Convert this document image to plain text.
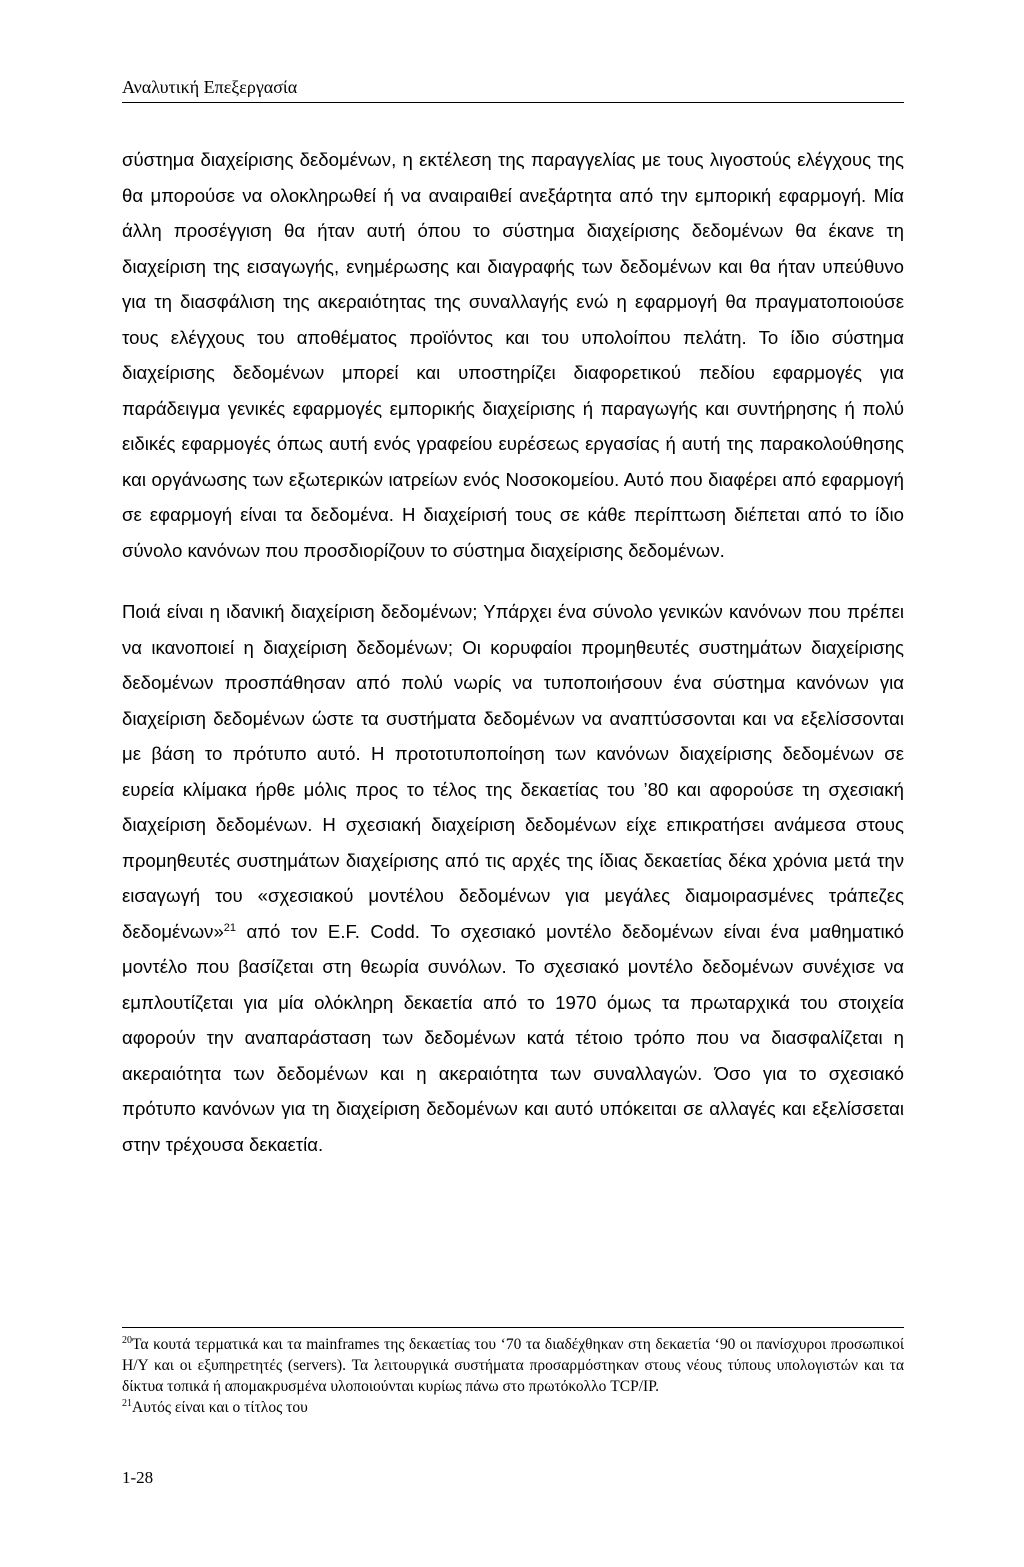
Αναλυτική Επεξεργασία

σύστημα διαχείρισης δεδομένων, η εκτέλεση της παραγγελίας με τους λιγοστούς ελέγχους της θα μπορούσε να ολοκληρωθεί ή να αναιραιθεί ανεξάρτητα από την εμπορική εφαρμογή. Μία άλλη προσέγγιση θα ήταν αυτή όπου το σύστημα διαχείρισης δεδομένων θα έκανε τη διαχείριση της εισαγωγής, ενημέρωσης και διαγραφής των δεδομένων και θα ήταν υπεύθυνο για τη διασφάλιση της ακεραιότητας της συναλλαγής ενώ η εφαρμογή θα πραγματοποιούσε τους ελέγχους του αποθέματος προϊόντος και του υπολοίπου πελάτη. Το ίδιο σύστημα διαχείρισης δεδομένων μπορεί και υποστηρίζει διαφορετικού πεδίου εφαρμογές για παράδειγμα γενικές εφαρμογές εμπορικής διαχείρισης ή παραγωγής και συντήρησης ή πολύ ειδικές εφαρμογές όπως αυτή ενός γραφείου ευρέσεως εργασίας ή αυτή της παρακολούθησης και οργάνωσης των εξωτερικών ιατρείων ενός Νοσοκομείου. Αυτό που διαφέρει από εφαρμογή σε εφαρμογή είναι τα δεδομένα. Η διαχείρισή τους σε κάθε περίπτωση διέπεται από το ίδιο σύνολο κανόνων που προσδιορίζουν το σύστημα διαχείρισης δεδομένων.

Ποιά είναι η ιδανική διαχείριση δεδομένων; Υπάρχει ένα σύνολο γενικών κανόνων που πρέπει να ικανοποιεί η διαχείριση δεδομένων; Οι κορυφαίοι προμηθευτές συστημάτων διαχείρισης δεδομένων προσπάθησαν από πολύ νωρίς να τυποποιήσουν ένα σύστημα κανόνων για διαχείριση δεδομένων ώστε τα συστήματα δεδομένων να αναπτύσσονται και να εξελίσσονται με βάση το πρότυπο αυτό. Η προτοτυποποίηση των κανόνων διαχείρισης δεδομένων σε ευρεία κλίμακα ήρθε μόλις προς το τέλος της δεκαετίας του ’80 και αφορούσε τη σχεσιακή διαχείριση δεδομένων. Η σχεσιακή διαχείριση δεδομένων είχε επικρατήσει ανάμεσα στους προμηθευτές συστημάτων διαχείρισης από τις αρχές της ίδιας δεκαετίας δέκα χρόνια μετά την εισαγωγή του «σχεσιακού μοντέλου δεδομένων για μεγάλες διαμοιρασμένες τράπεζες δεδομένων»$^{21}$ από τον E.F. Codd. Το σχεσιακό μοντέλο δεδομένων είναι ένα μαθηματικό μοντέλο που βασίζεται στη θεωρία συνόλων. Το σχεσιακό μοντέλο δεδομένων συνέχισε να εμπλουτίζεται για μία ολόκληρη δεκαετία από το 1970 όμως τα πρωταρχικά του στοιχεία αφορούν την αναπαράσταση των δεδομένων κατά τέτοιο τρόπο που να διασφαλίζεται η ακεραιότητα των δεδομένων και η ακεραιότητα των συναλλαγών. Όσο για το σχεσιακό πρότυπο κανόνων για τη διαχείριση δεδομένων και αυτό υπόκειται σε αλλαγές και εξελίσσεται στην τρέχουσα δεκαετία.

$^{20}$Τα κουτά τερματικά και τα mainframes της δεκαετίας του ‘70 τα διαδέχθηκαν στη δεκαετία ‘90 οι πανίσχυροι προσωπικοί Η/Υ και οι εξυπηρετητές (servers). Τα λειτουργικά συστήματα προσαρμόστηκαν στους νέους τύπους υπολογιστών και τα δίκτυα τοπικά ή απομακρυσμένα υλοποιούνται κυρίως πάνω στο πρωτόκολλο TCP/IP.

$^{21}$Αυτός είναι και ο τίτλος του

1-28
